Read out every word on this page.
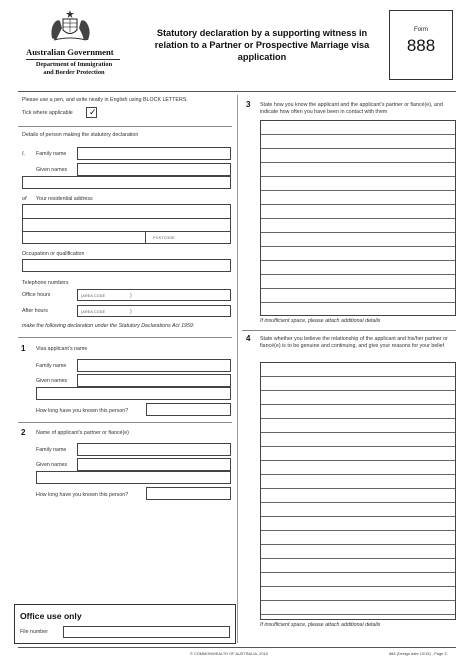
Australian Government
Department of Immigration
and Border Protection
Statutory declaration by a supporting witness in relation to a Partner or Prospective Marriage visa application
Form
888
Please use a pen, and write neatly in English using BLOCK LETTERS.
Tick where applicable ✓
Details of person making the statutory declaration
I, Family name
Given names
of Your residential address
POSTCODE
Occupation or qualification
Telephone numbers
Office hours	(AREA CODE	)
After hours	(AREA CODE	)
make the following declaration under the Statutory Declarations Act 1959:
1 Visa applicant’s name
Family name
Given names
How long have you known this person?
2 Name of applicant’s partner or fiancé(e)
Family name
Given names
How long have you known this person?
Office use only
File number
3 State how you know the applicant and the applicant’s partner or fiancé(e), and indicate how often you have been in contact with them
If insufficient space, please attach additional details
4 State whether you believe the relationship of the applicant and his/her partner or fiancé(e) is to be genuine and continuing, and give your reasons for your belief
If insufficient space, please attach additional details
© COMMONWEALTH OF AUSTRALIA, 2015	888 (Design date 10/15) - Page 3
